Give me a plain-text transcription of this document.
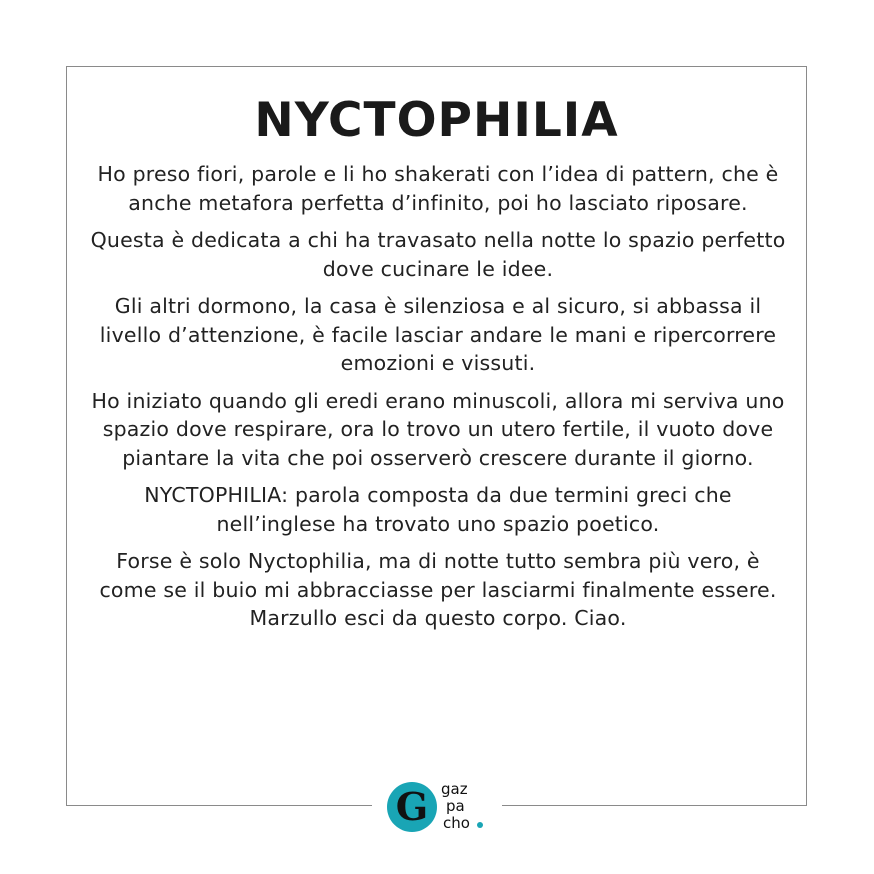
NYCTOPHILIA

Ho preso fiori, parole e li ho shakerati con l’idea di pattern, che è anche metafora perfetta d’infinito, poi ho lasciato riposare.

Questa è dedicata a chi ha travasato nella notte lo spazio perfetto dove cucinare le idee.

Gli altri dormono, la casa è silenziosa e al sicuro, si abbassa il livello d’attenzione, è facile lasciar andare le mani e ripercorrere emozioni e vissuti.

Ho iniziato quando gli eredi erano minuscoli, allora mi serviva uno spazio dove respirare, ora lo trovo un utero fertile, il vuoto dove piantare la vita che poi osserverò crescere durante il giorno.

NYCTOPHILIA: parola composta da due termini greci che nell’inglese ha trovato uno spazio poetico.

Forse è solo Nyctophilia, ma di notte tutto sembra più vero, è come se il buio mi abbracciasse per lasciarmi finalmente essere. Marzullo esci da questo corpo. Ciao.

G gaz
pa
cho
